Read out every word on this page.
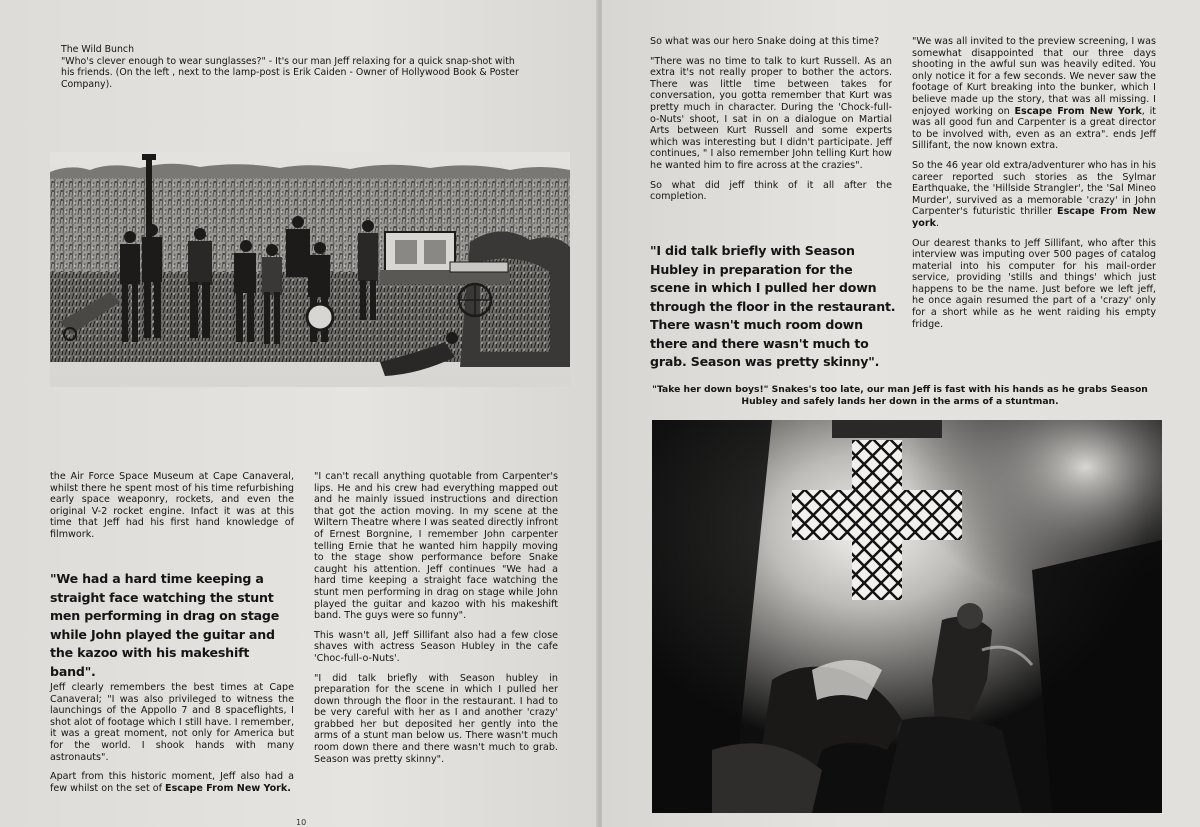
The Wild Bunch
"Who's clever enough to wear sunglasses?" - It's our man Jeff relaxing for a quick snap-shot with his friends. (On the left , next to the lamp-post is Erik Caiden - Owner of Hollywood Book & Poster Company).

the Air Force Space Museum at Cape Canaveral, whilst there he spent most of his time refurbishing early space weaponry, rockets, and even the original V-2 rocket engine. Infact it was at this time that Jeff had his first hand knowledge of filmwork.

"We had a hard time keeping a straight face watching the stunt men performing in drag on stage while John played the guitar and the kazoo with his makeshift band".

Jeff clearly remembers the best times at Cape Canaveral; "I was also privileged to witness the launchings of the Appollo 7 and 8 spaceflights, I shot alot of footage which I still have. I remember, it was a great moment, not only for America but for the world. I shook hands with many astronauts".

Apart from this historic moment, Jeff also had a few whilst on the set of Escape From New York.

"I can't recall anything quotable from Carpenter's lips. He and his crew had everything mapped out and he mainly issued instructions and direction that got the action moving. In my scene at the Wiltern Theatre where I was seated directly infront of Ernest Borgnine, I remember John carpenter telling Ernie that he wanted him happily moving to the stage show performance before Snake caught his attention. Jeff continues "We had a hard time keeping a straight face watching the stunt men performing in drag on stage while John played the guitar and kazoo with his makeshift band. The guys were so funny".

This wasn't all, Jeff Sillifant also had a few close shaves with actress Season Hubley in the cafe 'Choc-full-o-Nuts'.

"I did talk briefly with Season hubley in preparation for the scene in which I pulled her down through the floor in the restaurant. I had to be very careful with her as I and another 'crazy' grabbed her but deposited her gently into the arms of a stunt man below us. There wasn't much room down there and there wasn't much to grab. Season was pretty skinny".

10

So what was our hero Snake doing at this time?

"There was no time to talk to kurt Russell. As an extra it's not really proper to bother the actors. There was little time between takes for conversation, you gotta remember that Kurt was pretty much in character. During the 'Chock-full-o-Nuts' shoot, I sat in on a dialogue on Martial Arts between Kurt Russell and some experts which was interesting but I didn't participate. Jeff continues, " I also remember John telling Kurt how he wanted him to fire across at the crazies".

So what did jeff think of it all after the completion.

"I did talk briefly with Season Hubley in preparation for the scene in which I pulled her down through the floor in the restaurant. There wasn't much room down there and there wasn't much to grab. Season was pretty skinny".

"We was all invited to the preview screening, I was somewhat disappointed that our three days shooting in the awful sun was heavily edited. You only notice it for a few seconds. We never saw the footage of Kurt breaking into the bunker, which I believe made up the story, that was all missing. I enjoyed working on Escape From New York, it was all good fun and Carpenter is a great director to be involved with, even as an extra". ends Jeff Sillifant, the now known extra.

So the 46 year old extra/adventurer who has in his career reported such stories as the Sylmar Earthquake, the 'Hillside Strangler', the 'Sal Mineo Murder', survived as a memorable 'crazy' in John Carpenter's futuristic thriller Escape From New york.

Our dearest thanks to Jeff Sillifant, who after this interview was imputing over 500 pages of catalog material into his computer for his mail-order service, providing 'stills and things' which just happens to be the name. Just before we left jeff, he once again resumed the part of a 'crazy' only for a short while as he went raiding his empty fridge.

"Take her down boys!" Snakes's too late, our man Jeff is fast with his hands as he grabs Season Hubley and safely lands her down in the arms of a stuntman.
